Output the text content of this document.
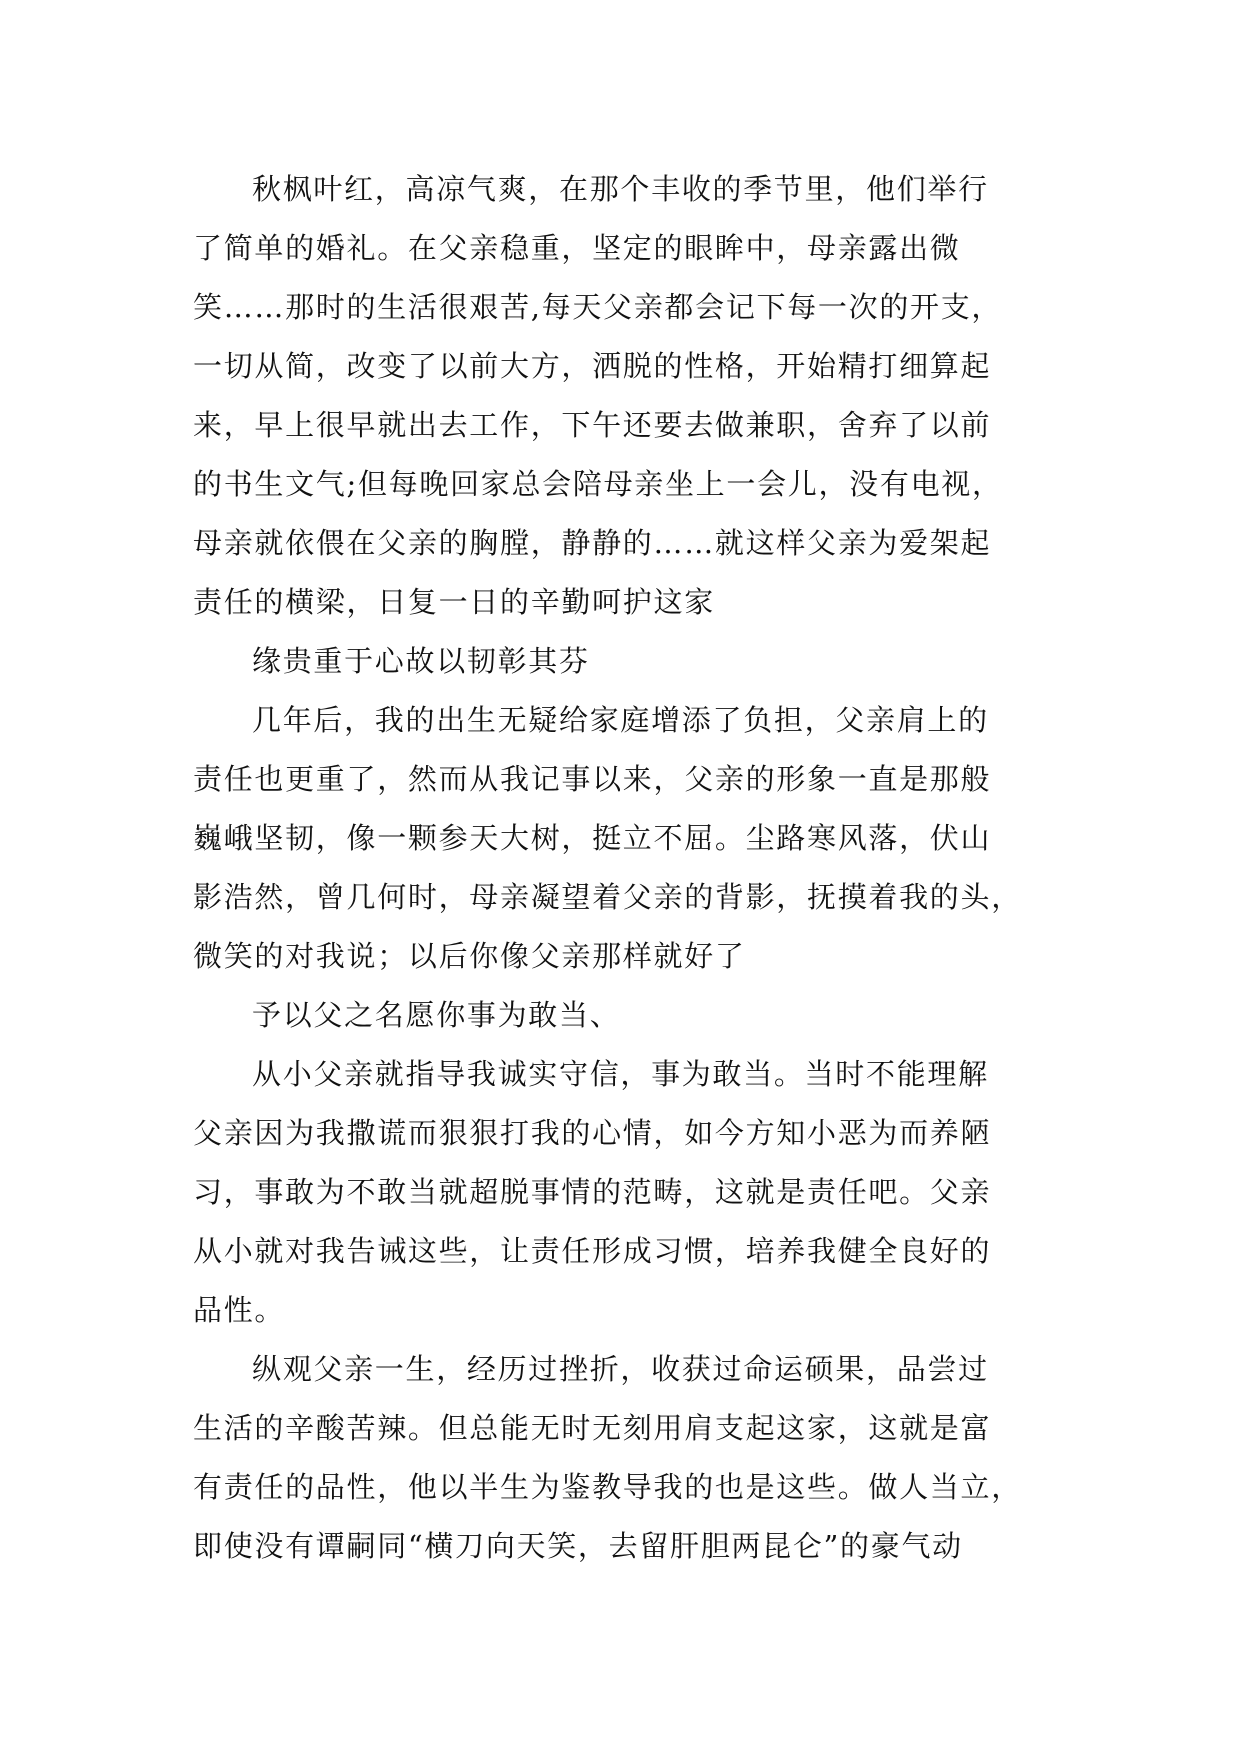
秋枫叶红，高凉气爽，在那个丰收的季节里，他们举行
了简单的婚礼。在父亲稳重，坚定的眼眸中，母亲露出微
笑……那时的生活很艰苦,每天父亲都会记下每一次的开支，
一切从简，改变了以前大方，洒脱的性格，开始精打细算起
来，早上很早就出去工作，下午还要去做兼职，舍弃了以前
的书生文气;但每晚回家总会陪母亲坐上一会儿，没有电视，
母亲就依偎在父亲的胸膛，静静的……就这样父亲为爱架起
责任的横梁，日复一日的辛勤呵护这家
缘贵重于心故以韧彰其芬
几年后，我的出生无疑给家庭增添了负担，父亲肩上的
责任也更重了，然而从我记事以来，父亲的形象一直是那般
巍峨坚韧，像一颗参天大树，挺立不屈。尘路寒风落，伏山
影浩然，曾几何时，母亲凝望着父亲的背影，抚摸着我的头，
微笑的对我说；以后你像父亲那样就好了
予以父之名愿你事为敢当、
从小父亲就指导我诚实守信，事为敢当。当时不能理解
父亲因为我撒谎而狠狠打我的心情，如今方知小恶为而养陋
习，事敢为不敢当就超脱事情的范畴，这就是责任吧。父亲
从小就对我告诫这些，让责任形成习惯，培养我健全良好的
品性。
纵观父亲一生，经历过挫折，收获过命运硕果，品尝过
生活的辛酸苦辣。但总能无时无刻用肩支起这家，这就是富
有责任的品性，他以半生为鉴教导我的也是这些。做人当立，
即使没有谭嗣同“横刀向天笑，去留肝胆两昆仑”的豪气动
